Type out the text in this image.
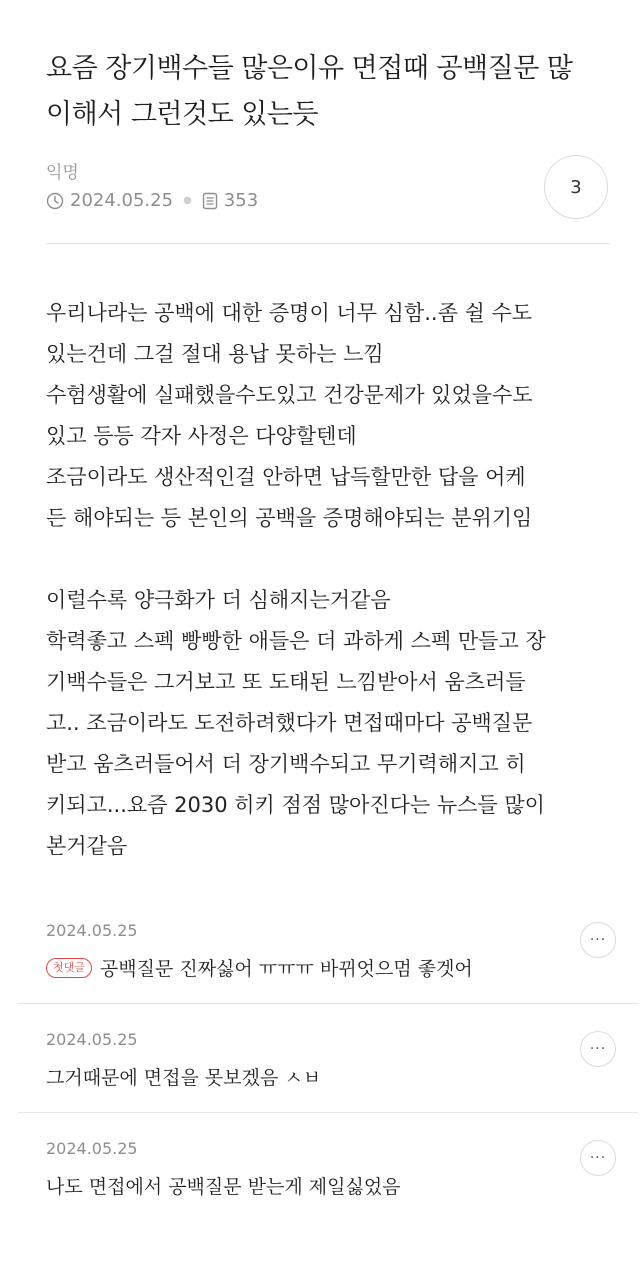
요즘 장기백수들 많은이유 면접때 공백질문 많
이해서 그런것도 있는듯
익명
2024.05.25 ● 353
3

우리나라는 공백에 대한 증명이 너무 심함..좀 쉴 수도

있는건데 그걸 절대 용납 못하는 느낌

수험생활에 실패했을수도있고 건강문제가 있었을수도

있고 등등 각자 사정은 다양할텐데

조금이라도 생산적인걸 안하면 납득할만한 답을 어케

든 해야되는 등 본인의 공백을 증명해야되는 분위기임

이럴수록 양극화가 더 심해지는거같음

학력좋고 스펙 빵빵한 애들은 더 과하게 스펙 만들고 장

기백수들은 그거보고 또 도태된 느낌받아서 움츠러들

고.. 조금이라도 도전하려했다가 면접때마다 공백질문

받고 움츠러들어서 더 장기백수되고 무기력해지고 히

키되고...요즘 2030 히키 점점 많아진다는 뉴스들 많이

본거같음

2024.05.25
첫댓글 공백질문 진짜싫어 ㅠㅠㅠ 바뀌엇으멈 좋겟어
···
2024.05.25
그거때문에 면접을 못보겠음 ㅅㅂ
···
2024.05.25
나도 면접에서 공백질문 받는게 제일싫었음
···
